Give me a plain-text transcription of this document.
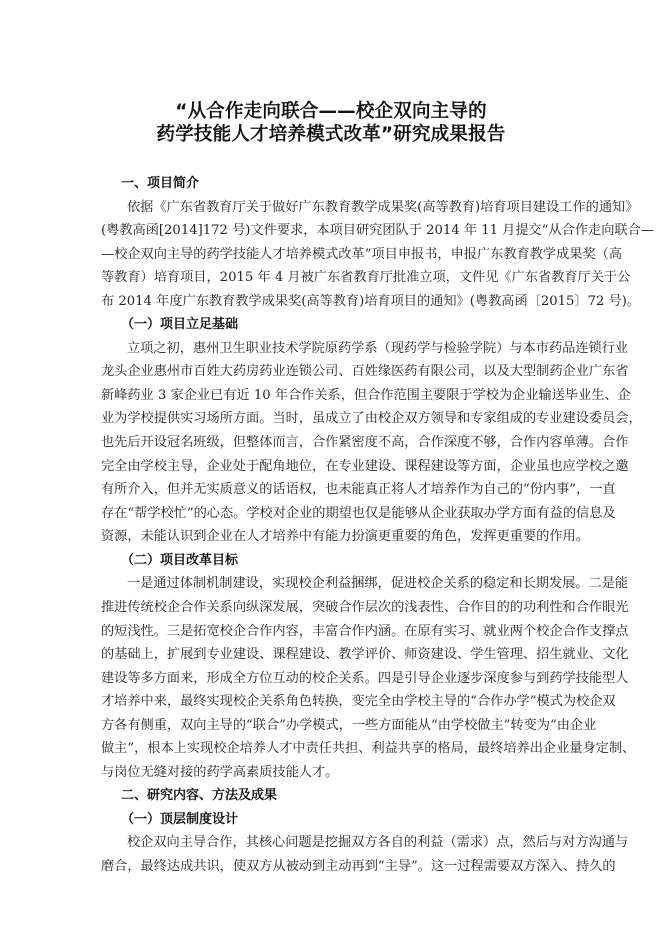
“从合作走向联合——校企双向主导的
药学技能人才培养模式改革”研究成果报告
一、项目简介
依据《广东省教育厅关于做好广东教育教学成果奖(高等教育)培育项目建设工作的通知》
(粤教高函[2014]172 号)文件要求，本项目研究团队于 2014 年 11 月提交“从合作走向联合—
—校企双向主导的药学技能人才培养模式改革”项目申报书，申报广东教育教学成果奖（高
等教育）培育项目，2015 年 4 月被广东省教育厅批准立项，文件见《广东省教育厅关于公
布 2014 年度广东教育教学成果奖(高等教育)培育项目的通知》(粤教高函〔2015〕72 号)。
（一）项目立足基础
立项之初，惠州卫生职业技术学院原药学系（现药学与检验学院）与本市药品连锁行业
龙头企业惠州市百姓大药房药业连锁公司、百姓缘医药有限公司，以及大型制药企业广东省
新峰药业 3 家企业已有近 10 年合作关系，但合作范围主要限于学校为企业输送毕业生、企
业为学校提供实习场所方面。当时，虽成立了由校企双方领导和专家组成的专业建设委员会，
也先后开设冠名班级，但整体而言，合作紧密度不高，合作深度不够，合作内容单薄。合作
完全由学校主导，企业处于配角地位，在专业建设、课程建设等方面，企业虽也应学校之邀
有所介入，但并无实质意义的话语权，也未能真正将人才培养作为自己的“份内事”，一直
存在“帮学校忙”的心态。学校对企业的期望也仅是能够从企业获取办学方面有益的信息及
资源，未能认识到企业在人才培养中有能力扮演更重要的角色，发挥更重要的作用。
（二）项目改革目标
一是通过体制机制建设，实现校企利益捆绑，促进校企关系的稳定和长期发展。二是能
推进传统校企合作关系向纵深发展，突破合作层次的浅表性、合作目的的功利性和合作眼光
的短浅性。三是拓宽校企合作内容，丰富合作内涵。在原有实习、就业两个校企合作支撑点
的基础上，扩展到专业建设、课程建设、教学评价、师资建设、学生管理、招生就业、文化
建设等多方面来，形成全方位互动的校企关系。四是引导企业逐步深度参与到药学技能型人
才培养中来，最终实现校企关系角色转换，变完全由学校主导的“合作办学”模式为校企双
方各有侧重，双向主导的“联合”办学模式，一些方面能从“由学校做主”转变为“由企业
做主”，根本上实现校企培养人才中责任共担、利益共享的格局，最终培养出企业量身定制、
与岗位无缝对接的药学高素质技能人才。
二、研究内容、方法及成果
（一）顶层制度设计
校企双向主导合作，其核心问题是挖掘双方各自的利益（需求）点，然后与对方沟通与
磨合，最终达成共识，使双方从被动到主动再到“主导”。这一过程需要双方深入、持久的
